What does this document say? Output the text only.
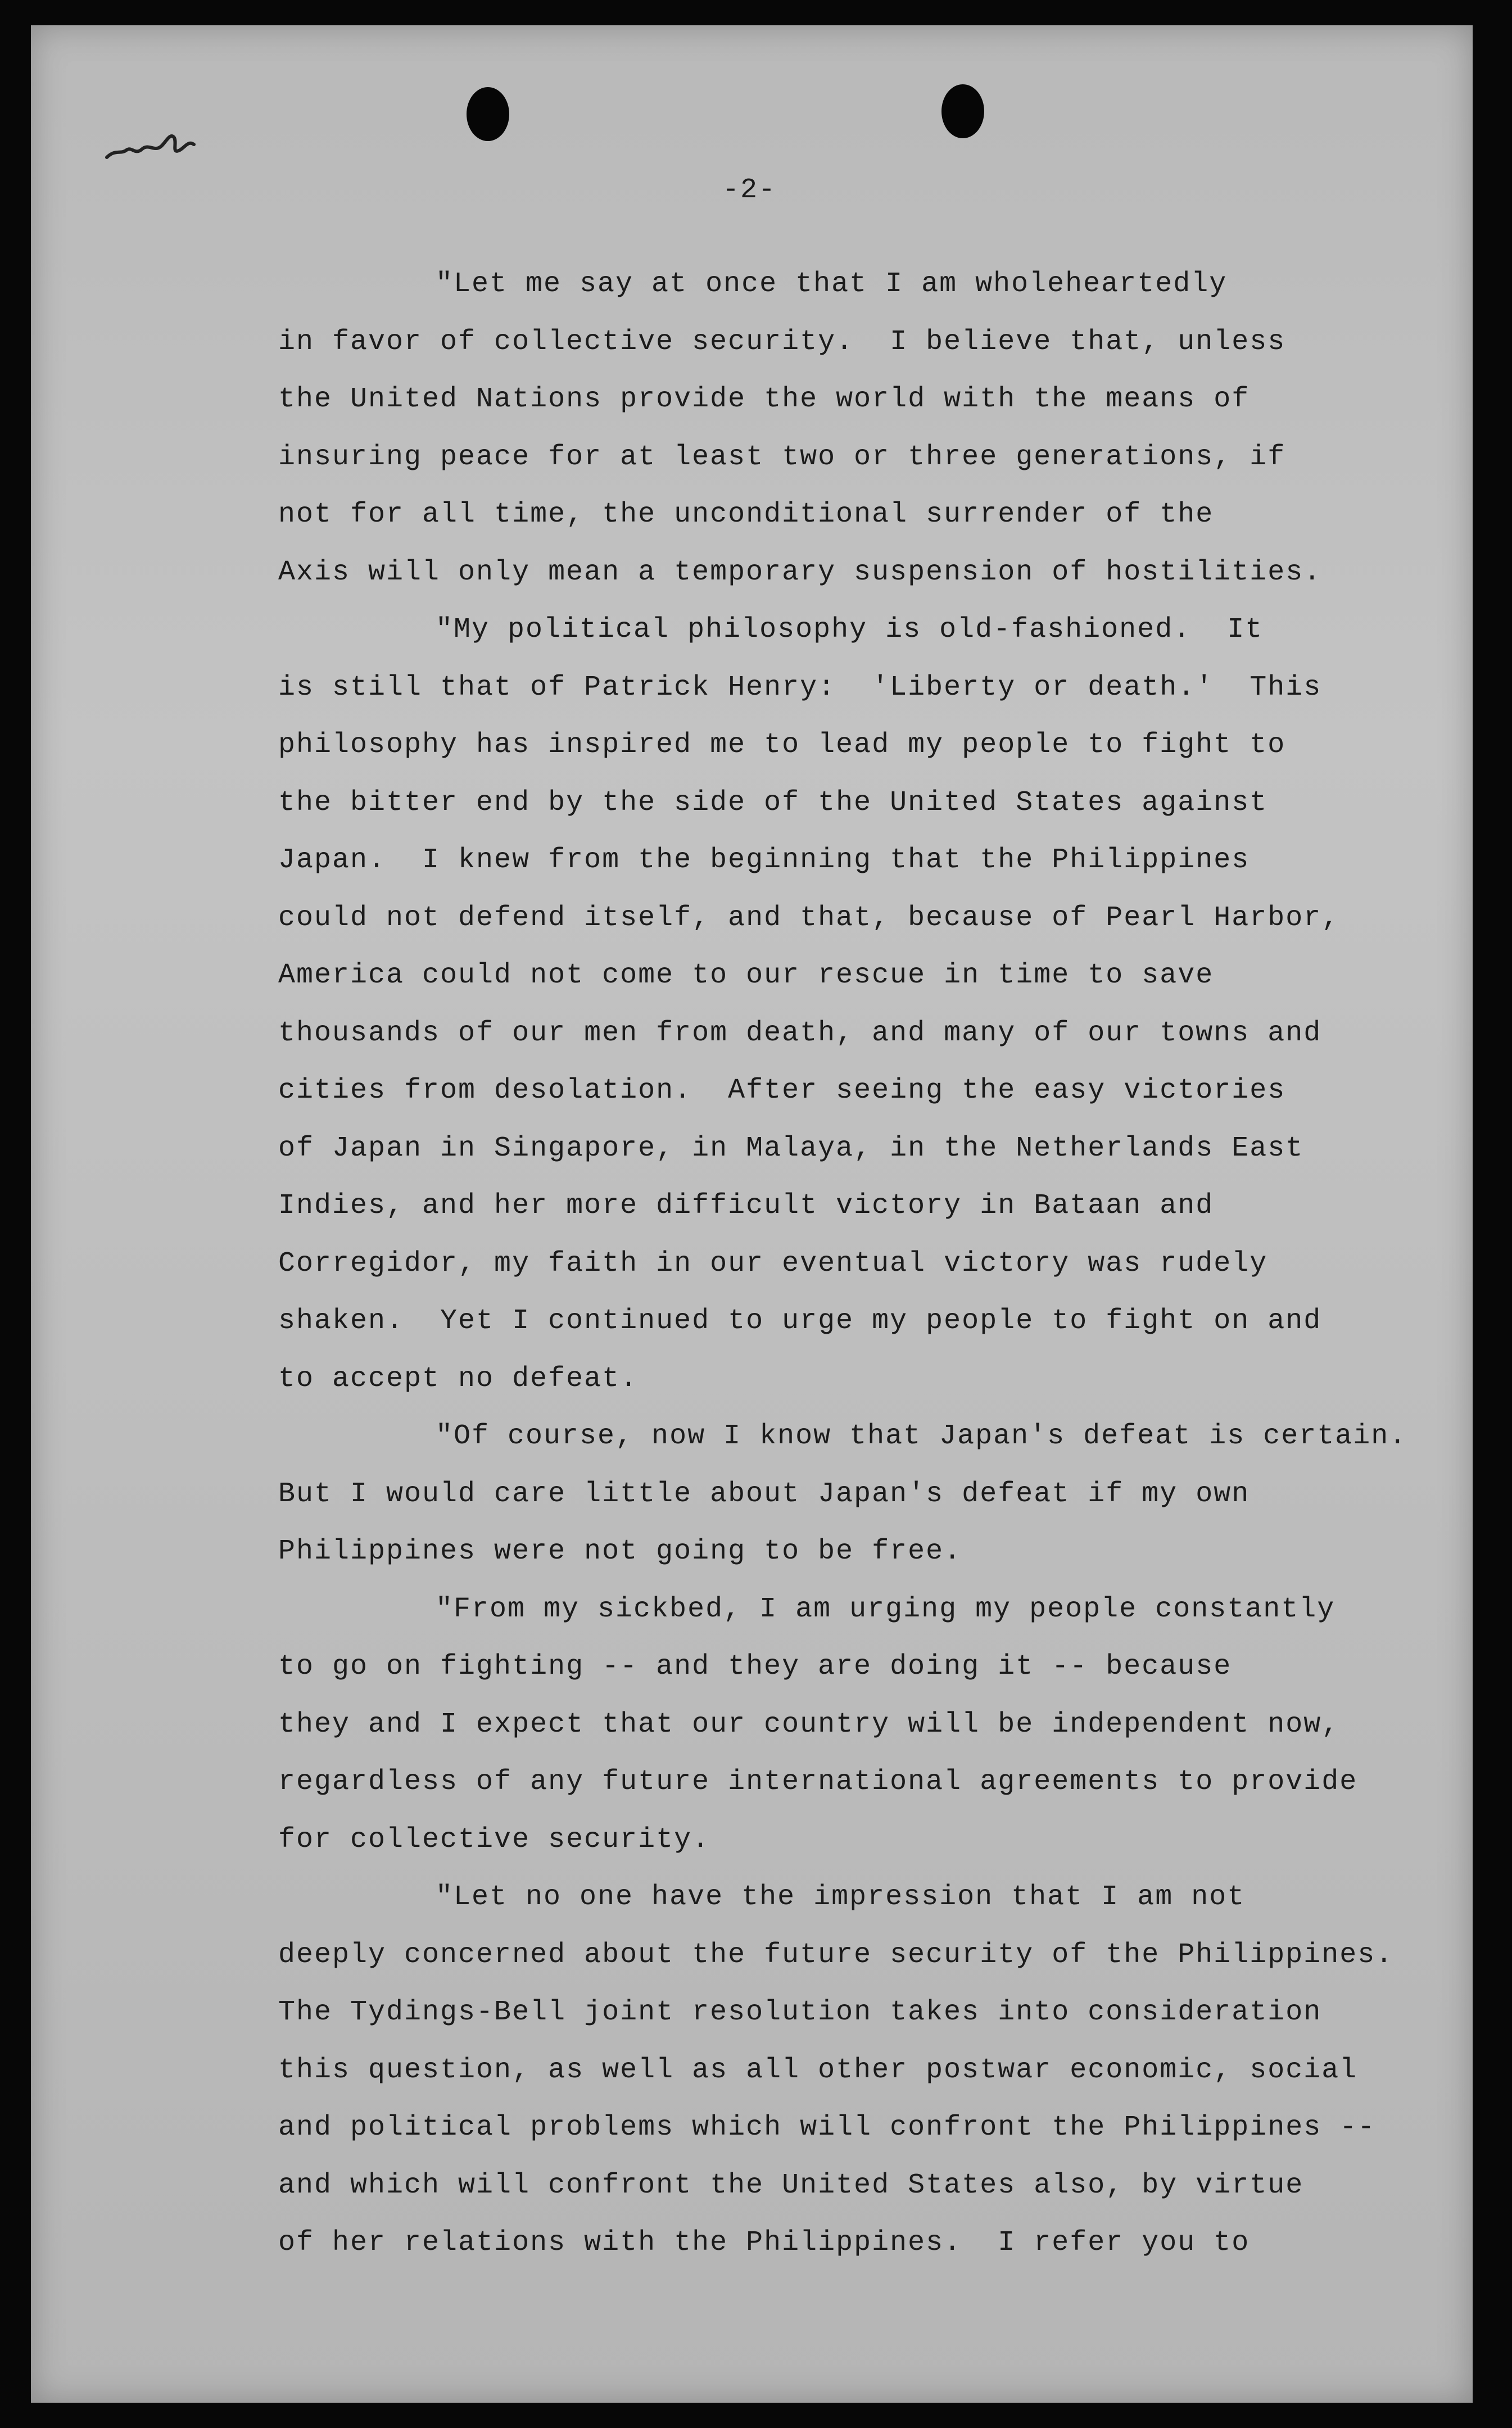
-2-
"Let me say at once that I am wholeheartedly
in favor of collective security.  I believe that, unless
the United Nations provide the world with the means of
insuring peace for at least two or three generations, if
not for all time, the unconditional surrender of the
Axis will only mean a temporary suspension of hostilities.
"My political philosophy is old-fashioned.  It
is still that of Patrick Henry:  'Liberty or death.'  This
philosophy has inspired me to lead my people to fight to
the bitter end by the side of the United States against
Japan.  I knew from the beginning that the Philippines
could not defend itself, and that, because of Pearl Harbor,
America could not come to our rescue in time to save
thousands of our men from death, and many of our towns and
cities from desolation.  After seeing the easy victories
of Japan in Singapore, in Malaya, in the Netherlands East
Indies, and her more difficult victory in Bataan and
Corregidor, my faith in our eventual victory was rudely
shaken.  Yet I continued to urge my people to fight on and
to accept no defeat.
"Of course, now I know that Japan's defeat is certain.
But I would care little about Japan's defeat if my own
Philippines were not going to be free.
"From my sickbed, I am urging my people constantly
to go on fighting -- and they are doing it -- because
they and I expect that our country will be independent now,
regardless of any future international agreements to provide
for collective security.
"Let no one have the impression that I am not
deeply concerned about the future security of the Philippines.
The Tydings-Bell joint resolution takes into consideration
this question, as well as all other postwar economic, social
and political problems which will confront the Philippines --
and which will confront the United States also, by virtue
of her relations with the Philippines.  I refer you to
